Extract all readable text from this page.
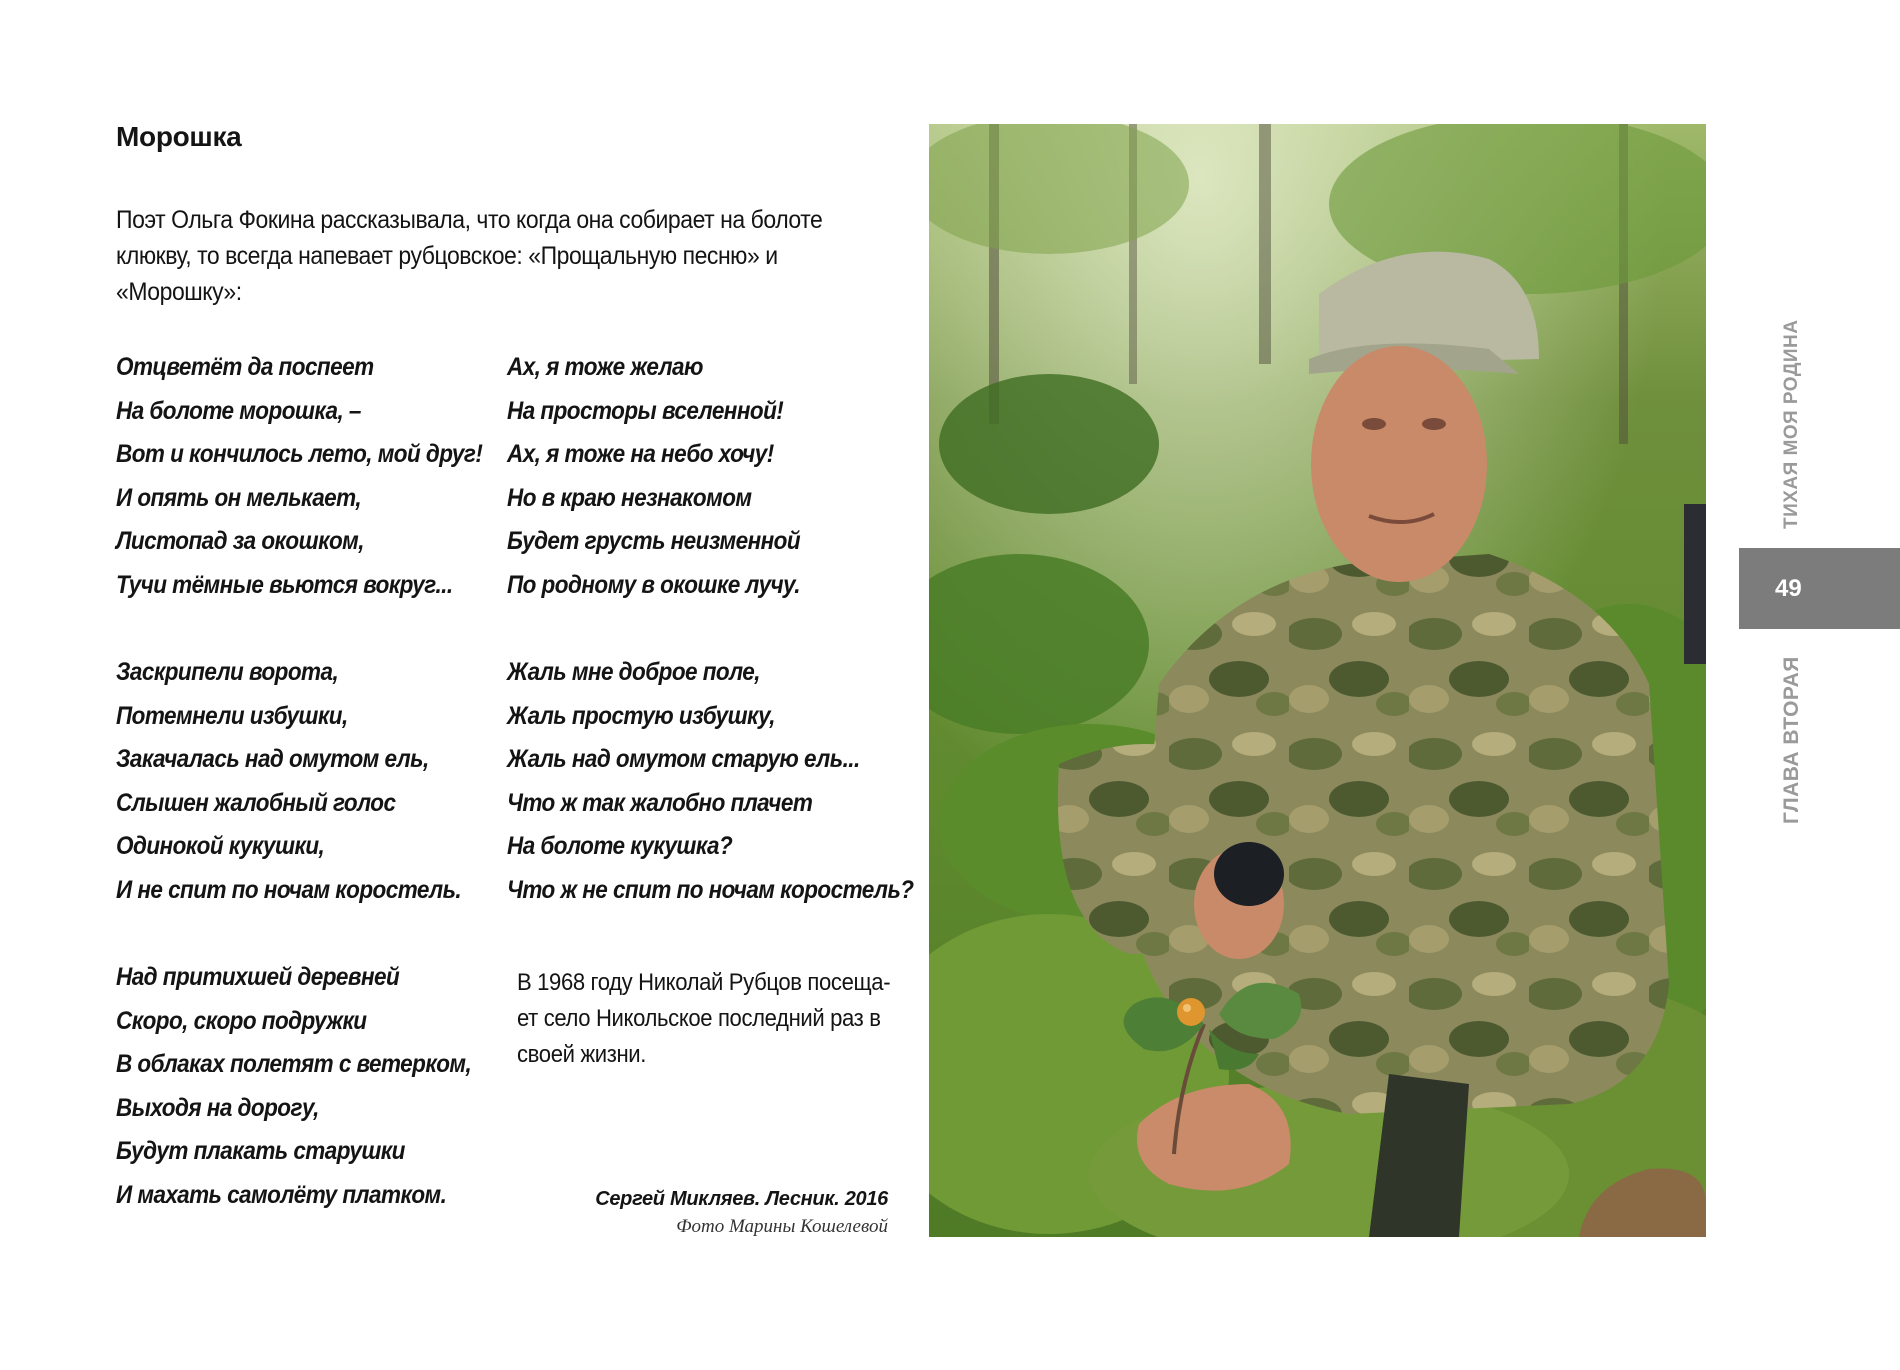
Морошка
Поэт Ольга Фокина рассказывала, что когда она собирает на болоте клюкву, то всегда напевает рубцовское: «Прощальную песню» и «Морошку»:
Отцветёт да поспеет
На болоте морошка, –
Вот и кончилось лето, мой друг!
И опять он мелькает,
Листопад за окошком,
Тучи тёмные вьются вокруг...
Ах, я тоже желаю
На просторы вселенной!
Ах, я тоже на небо хочу!
Но в краю незнакомом
Будет грусть неизменной
По родному в окошке лучу.
Заскрипели ворота,
Потемнели избушки,
Закачалась над омутом ель,
Слышен жалобный голос
Одинокой кукушки,
И не спит по ночам коростель.
Жаль мне доброе поле,
Жаль простую избушку,
Жаль над омутом старую ель...
Что ж так жалобно плачет
На болоте кукушка?
Что ж не спит по ночам коростель?
Над притихшей деревней
Скоро, скоро подружки
В облаках полетят с ветерком,
Выходя на дорогу,
Будут плакать старушки
И махать самолёту платком.
В 1968 году Николай Рубцов посеща-ет село Никольское последний раз в своей жизни.
Сергей Микляев. Лесник. 2016
Фото Марины Кошелевой
ТИХАЯ МОЯ РОДИНА
49
ГЛАВА ВТОРАЯ
